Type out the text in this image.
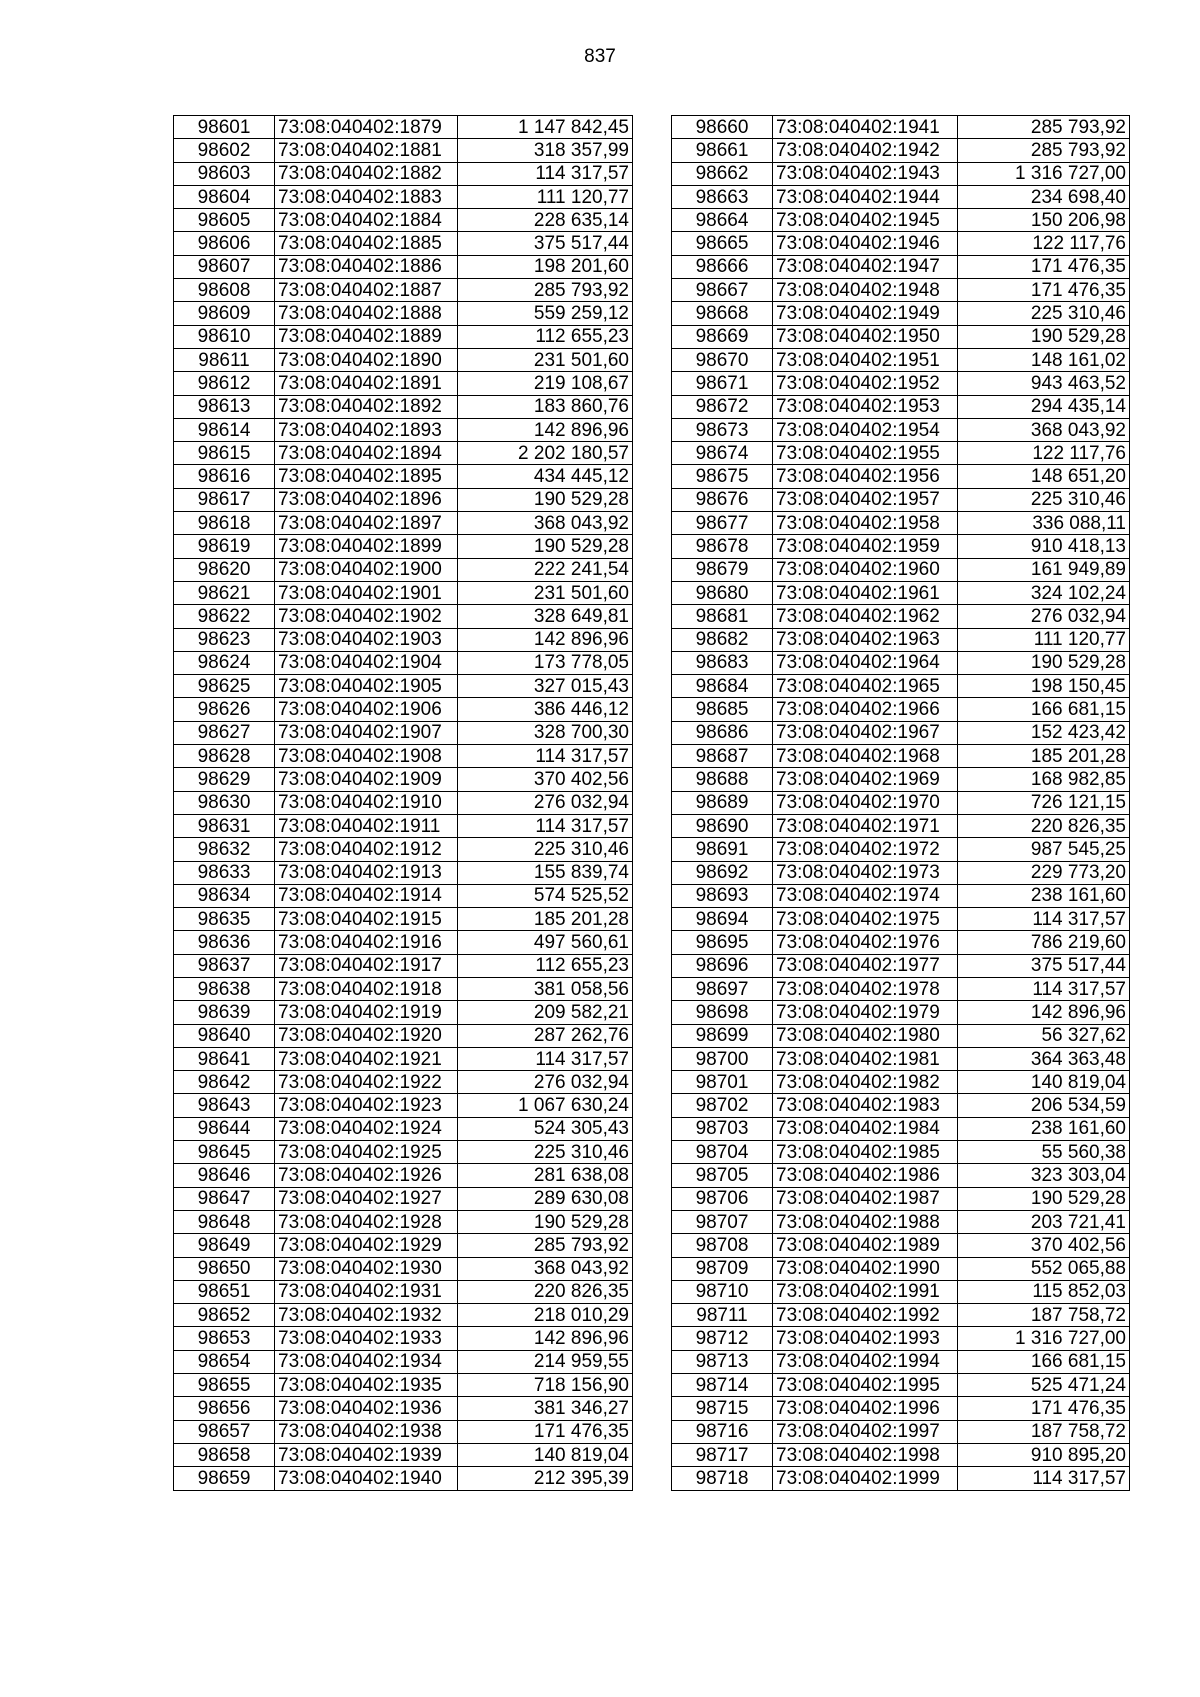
837
98601	73:08:040402:1879	1 147 842,45
98602	73:08:040402:1881	318 357,99
98603	73:08:040402:1882	114 317,57
98604	73:08:040402:1883	111 120,77
98605	73:08:040402:1884	228 635,14
98606	73:08:040402:1885	375 517,44
98607	73:08:040402:1886	198 201,60
98608	73:08:040402:1887	285 793,92
98609	73:08:040402:1888	559 259,12
98610	73:08:040402:1889	112 655,23
98611	73:08:040402:1890	231 501,60
98612	73:08:040402:1891	219 108,67
98613	73:08:040402:1892	183 860,76
98614	73:08:040402:1893	142 896,96
98615	73:08:040402:1894	2 202 180,57
98616	73:08:040402:1895	434 445,12
98617	73:08:040402:1896	190 529,28
98618	73:08:040402:1897	368 043,92
98619	73:08:040402:1899	190 529,28
98620	73:08:040402:1900	222 241,54
98621	73:08:040402:1901	231 501,60
98622	73:08:040402:1902	328 649,81
98623	73:08:040402:1903	142 896,96
98624	73:08:040402:1904	173 778,05
98625	73:08:040402:1905	327 015,43
98626	73:08:040402:1906	386 446,12
98627	73:08:040402:1907	328 700,30
98628	73:08:040402:1908	114 317,57
98629	73:08:040402:1909	370 402,56
98630	73:08:040402:1910	276 032,94
98631	73:08:040402:1911	114 317,57
98632	73:08:040402:1912	225 310,46
98633	73:08:040402:1913	155 839,74
98634	73:08:040402:1914	574 525,52
98635	73:08:040402:1915	185 201,28
98636	73:08:040402:1916	497 560,61
98637	73:08:040402:1917	112 655,23
98638	73:08:040402:1918	381 058,56
98639	73:08:040402:1919	209 582,21
98640	73:08:040402:1920	287 262,76
98641	73:08:040402:1921	114 317,57
98642	73:08:040402:1922	276 032,94
98643	73:08:040402:1923	1 067 630,24
98644	73:08:040402:1924	524 305,43
98645	73:08:040402:1925	225 310,46
98646	73:08:040402:1926	281 638,08
98647	73:08:040402:1927	289 630,08
98648	73:08:040402:1928	190 529,28
98649	73:08:040402:1929	285 793,92
98650	73:08:040402:1930	368 043,92
98651	73:08:040402:1931	220 826,35
98652	73:08:040402:1932	218 010,29
98653	73:08:040402:1933	142 896,96
98654	73:08:040402:1934	214 959,55
98655	73:08:040402:1935	718 156,90
98656	73:08:040402:1936	381 346,27
98657	73:08:040402:1938	171 476,35
98658	73:08:040402:1939	140 819,04
98659	73:08:040402:1940	212 395,39
98660	73:08:040402:1941	285 793,92
98661	73:08:040402:1942	285 793,92
98662	73:08:040402:1943	1 316 727,00
98663	73:08:040402:1944	234 698,40
98664	73:08:040402:1945	150 206,98
98665	73:08:040402:1946	122 117,76
98666	73:08:040402:1947	171 476,35
98667	73:08:040402:1948	171 476,35
98668	73:08:040402:1949	225 310,46
98669	73:08:040402:1950	190 529,28
98670	73:08:040402:1951	148 161,02
98671	73:08:040402:1952	943 463,52
98672	73:08:040402:1953	294 435,14
98673	73:08:040402:1954	368 043,92
98674	73:08:040402:1955	122 117,76
98675	73:08:040402:1956	148 651,20
98676	73:08:040402:1957	225 310,46
98677	73:08:040402:1958	336 088,11
98678	73:08:040402:1959	910 418,13
98679	73:08:040402:1960	161 949,89
98680	73:08:040402:1961	324 102,24
98681	73:08:040402:1962	276 032,94
98682	73:08:040402:1963	111 120,77
98683	73:08:040402:1964	190 529,28
98684	73:08:040402:1965	198 150,45
98685	73:08:040402:1966	166 681,15
98686	73:08:040402:1967	152 423,42
98687	73:08:040402:1968	185 201,28
98688	73:08:040402:1969	168 982,85
98689	73:08:040402:1970	726 121,15
98690	73:08:040402:1971	220 826,35
98691	73:08:040402:1972	987 545,25
98692	73:08:040402:1973	229 773,20
98693	73:08:040402:1974	238 161,60
98694	73:08:040402:1975	114 317,57
98695	73:08:040402:1976	786 219,60
98696	73:08:040402:1977	375 517,44
98697	73:08:040402:1978	114 317,57
98698	73:08:040402:1979	142 896,96
98699	73:08:040402:1980	56 327,62
98700	73:08:040402:1981	364 363,48
98701	73:08:040402:1982	140 819,04
98702	73:08:040402:1983	206 534,59
98703	73:08:040402:1984	238 161,60
98704	73:08:040402:1985	55 560,38
98705	73:08:040402:1986	323 303,04
98706	73:08:040402:1987	190 529,28
98707	73:08:040402:1988	203 721,41
98708	73:08:040402:1989	370 402,56
98709	73:08:040402:1990	552 065,88
98710	73:08:040402:1991	115 852,03
98711	73:08:040402:1992	187 758,72
98712	73:08:040402:1993	1 316 727,00
98713	73:08:040402:1994	166 681,15
98714	73:08:040402:1995	525 471,24
98715	73:08:040402:1996	171 476,35
98716	73:08:040402:1997	187 758,72
98717	73:08:040402:1998	910 895,20
98718	73:08:040402:1999	114 317,57
